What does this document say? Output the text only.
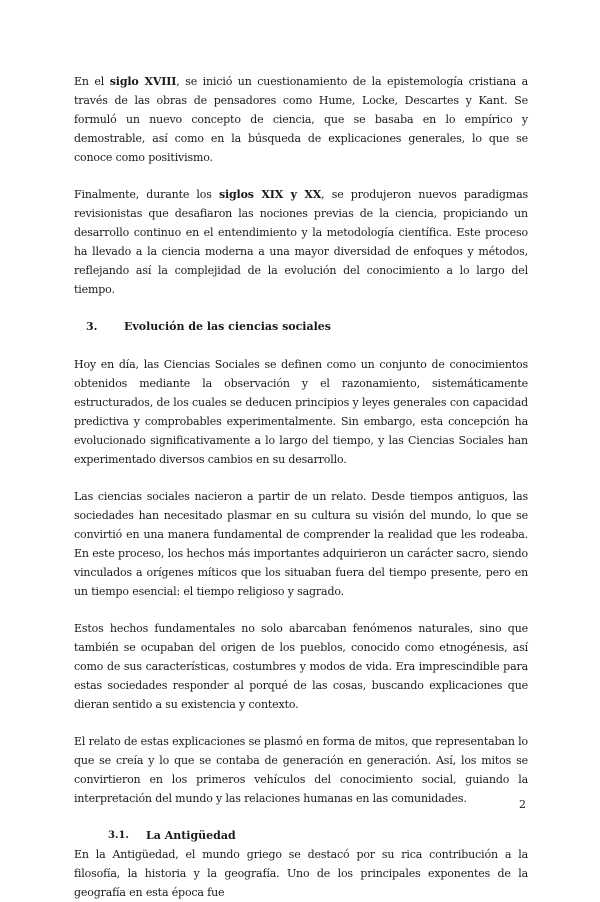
En el siglo XVIII, se inició un cuestionamiento de la epistemología cristiana a través de las obras de pensadores como Hume, Locke, Descartes y Kant. Se formuló un nuevo concepto de ciencia, que se basaba en lo empírico y demostrable, así como en la búsqueda de explicaciones generales, lo que se conoce como positivismo.

Finalmente, durante los siglos XIX y XX, se produjeron nuevos paradigmas revisionistas que desafiaron las nociones previas de la ciencia, propiciando un desarrollo continuo en el entendimiento y la metodología científica. Este proceso ha llevado a la ciencia moderna a una mayor diversidad de enfoques y métodos, reflejando así la complejidad de la evolución del conocimiento a lo largo del tiempo.

3.	Evolución de las ciencias sociales

Hoy en día, las Ciencias Sociales se definen como un conjunto de conocimientos obtenidos mediante la observación y el razonamiento, sistemáticamente estructurados, de los cuales se deducen principios y leyes generales con capacidad predictiva y comprobables experimentalmente. Sin embargo, esta concepción ha evolucionado significativamente a lo largo del tiempo, y las Ciencias Sociales han experimentado diversos cambios en su desarrollo.

Las ciencias sociales nacieron a partir de un relato. Desde tiempos antiguos, las sociedades han necesitado plasmar en su cultura su visión del mundo, lo que se convirtió en una manera fundamental de comprender la realidad que les rodeaba. En este proceso, los hechos más importantes adquirieron un carácter sacro, siendo vinculados a orígenes míticos que los situaban fuera del tiempo presente, pero en un tiempo esencial: el tiempo religioso y sagrado.

Estos hechos fundamentales no solo abarcaban fenómenos naturales, sino que también se ocupaban del origen de los pueblos, conocido como etnogénesis, así como de sus características, costumbres y modos de vida. Era imprescindible para estas sociedades responder al porqué de las cosas, buscando explicaciones que dieran sentido a su existencia y contexto.

El relato de estas explicaciones se plasmó en forma de mitos, que representaban lo que se creía y lo que se contaba de generación en generación. Así, los mitos se convirtieron en los primeros vehículos del conocimiento social, guiando la interpretación del mundo y las relaciones humanas en las comunidades.

3.1.	La Antigüedad

En la Antigüedad, el mundo griego se destacó por su rica contribución a la filosofía, la historia y la geografía. Uno de los principales exponentes de la geografía en esta época fue

2
